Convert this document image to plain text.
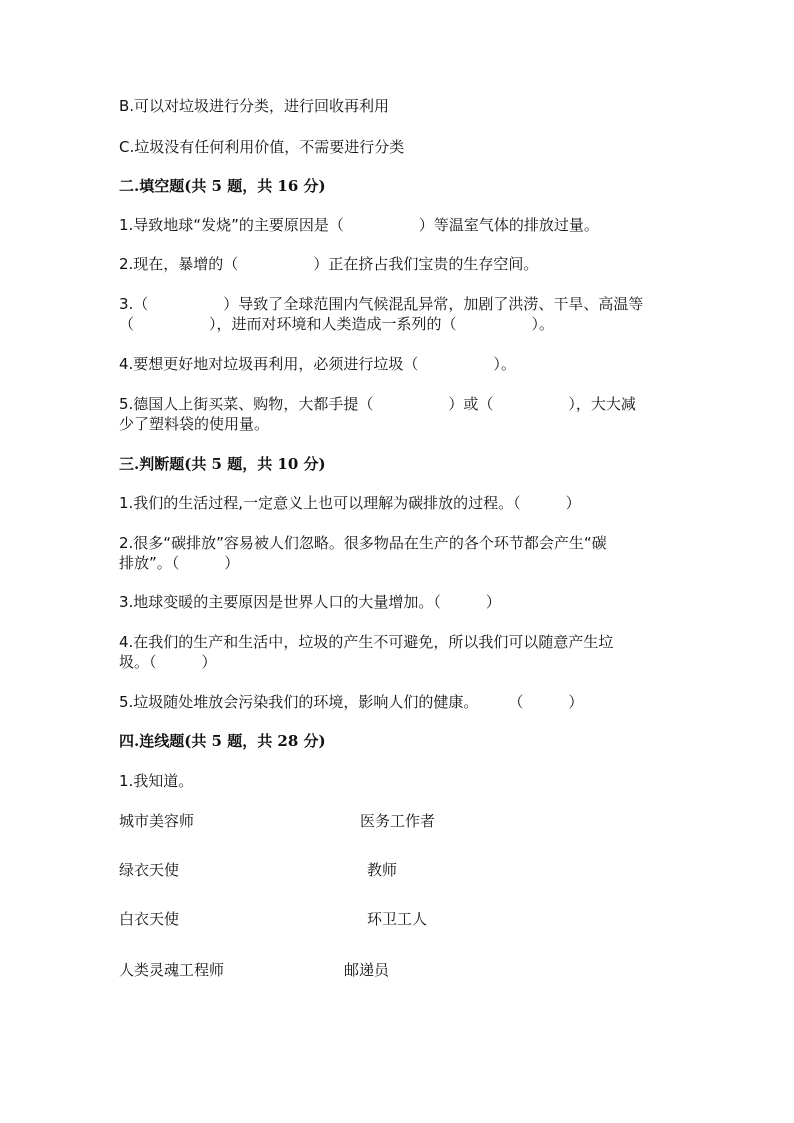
B.可以对垃圾进行分类，进行回收再利用
C.垃圾没有任何利用价值，不需要进行分类
二.填空题(共 5 题，共 16 分)
1.导致地球“发烧”的主要原因是（　　　　　）等温室气体的排放过量。
2.现在，暴增的（　　　　　）正在挤占我们宝贵的生存空间。
3.（　　　　　）导致了全球范围内气候混乱异常，加剧了洪涝、干旱、高温等
（　　　　　），进而对环境和人类造成一系列的（　　　　　）。
4.要想更好地对垃圾再利用，必须进行垃圾（　　　　　）。
5.德国人上街买菜、购物，大都手提（　　　　　）或（　　　　　），大大减
少了塑料袋的使用量。
三.判断题(共 5 题，共 10 分)
1.我们的生活过程,一定意义上也可以理解为碳排放的过程。（　　　）
2.很多“碳排放”容易被人们忽略。很多物品在生产的各个环节都会产生“碳
排放”。（　　　）
3.地球变暖的主要原因是世界人口的大量增加。（　　　）
4.在我们的生产和生活中，垃圾的产生不可避免，所以我们可以随意产生垃
圾。（　　　）
5.垃圾随处堆放会污染我们的环境，影响人们的健康。　　　（　　　）
四.连线题(共 5 题，共 28 分)
1.我知道。
城市美容师	医务工作者
绿衣天使	教师
白衣天使	环卫工人
人类灵魂工程师	邮递员
